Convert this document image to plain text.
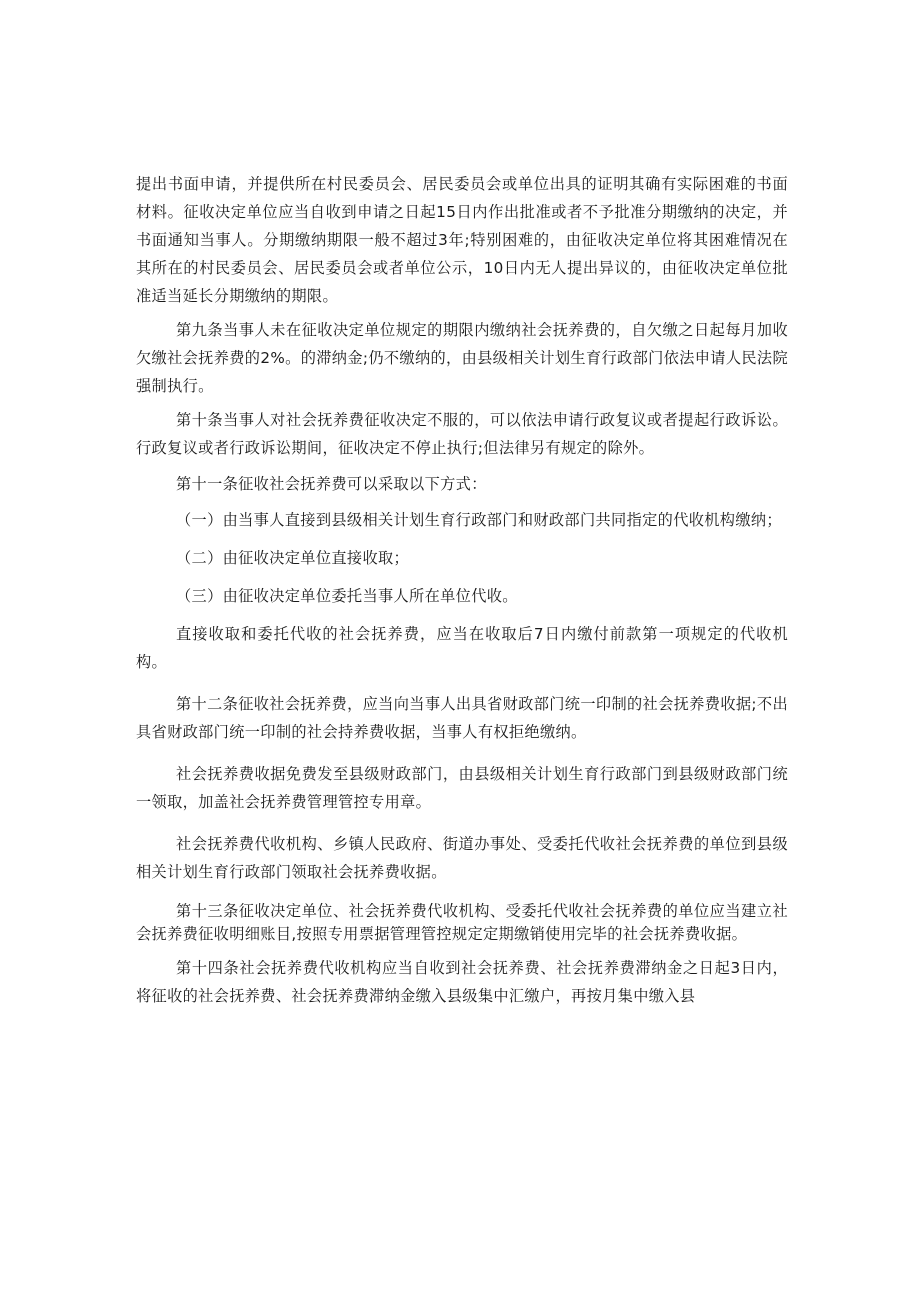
提出书面申请，并提供所在村民委员会、居民委员会或单位出具的证明其确有实际困难的书面材料。征收决定单位应当自收到申请之日起15日内作出批准或者不予批准分期缴纳的决定，并书面通知当事人。分期缴纳期限一般不超过3年;特别困难的，由征收决定单位将其困难情况在其所在的村民委员会、居民委员会或者单位公示，10日内无人提出异议的，由征收决定单位批准适当延长分期缴纳的期限。

第九条当事人未在征收决定单位规定的期限内缴纳社会抚养费的，自欠缴之日起每月加收欠缴社会抚养费的2%。的滞纳金;仍不缴纳的，由县级相关计划生育行政部门依法申请人民法院强制执行。

第十条当事人对社会抚养费征收决定不服的，可以依法申请行政复议或者提起行政诉讼。行政复议或者行政诉讼期间，征收决定不停止执行;但法律另有规定的除外。

第十一条征收社会抚养费可以采取以下方式：

（一）由当事人直接到县级相关计划生育行政部门和财政部门共同指定的代收机构缴纳；

（二）由征收决定单位直接收取；

（三）由征收决定单位委托当事人所在单位代收。

直接收取和委托代收的社会抚养费，应当在收取后7日内缴付前款第一项规定的代收机构。

第十二条征收社会抚养费，应当向当事人出具省财政部门统一印制的社会抚养费收据;不出具省财政部门统一印制的社会持养费收据，当事人有权拒绝缴纳。

社会抚养费收据免费发至县级财政部门，由县级相关计划生育行政部门到县级财政部门统一领取，加盖社会抚养费管理管控专用章。

社会抚养费代收机构、乡镇人民政府、街道办事处、受委托代收社会抚养费的单位到县级相关计划生育行政部门领取社会抚养费收据。

第十三条征收决定单位、社会抚养费代收机构、受委托代收社会抚养费的单位应当建立社会抚养费征收明细账目,按照专用票据管理管控规定定期缴销使用完毕的社会抚养费收据。

第十四条社会抚养费代收机构应当自收到社会抚养费、社会抚养费滞纳金之日起3日内，将征收的社会抚养费、社会抚养费滞纳金缴入县级集中汇缴户，再按月集中缴入县
